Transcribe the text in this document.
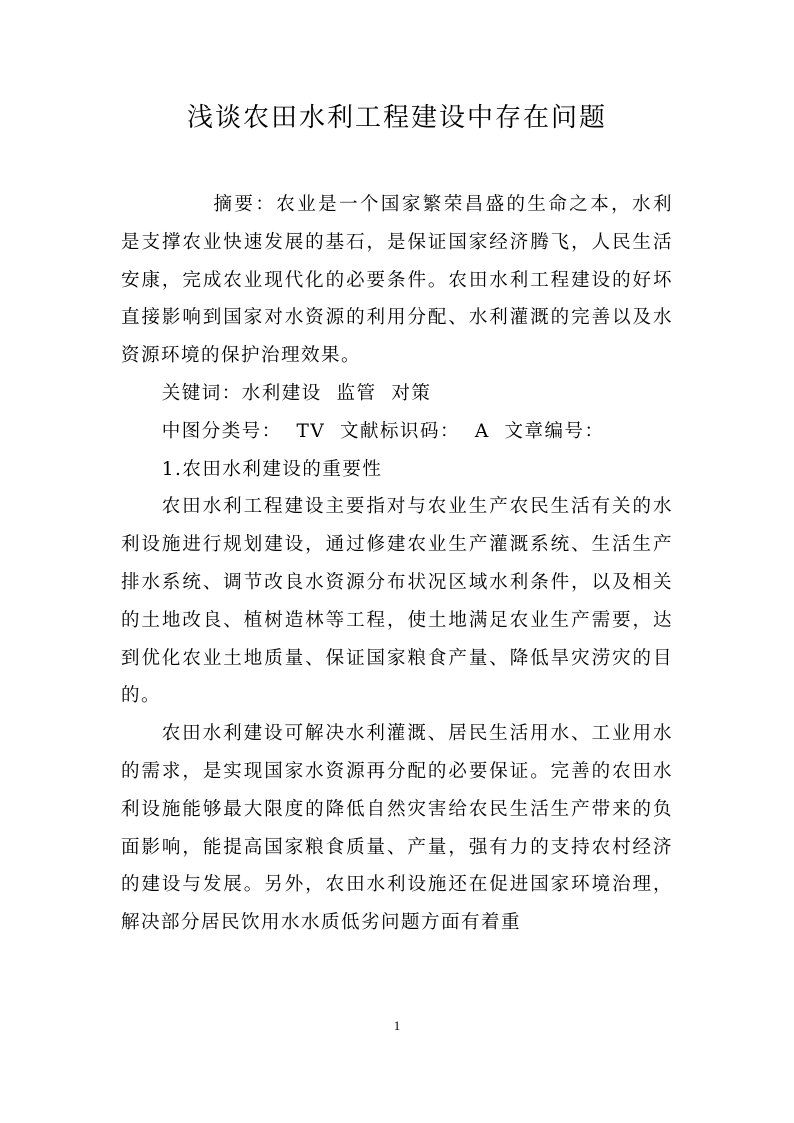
浅谈农田水利工程建设中存在问题

摘要：农业是一个国家繁荣昌盛的生命之本，水利是支撑农业快速发展的基石，是保证国家经济腾飞，人民生活安康，完成农业现代化的必要条件。农田水利工程建设的好坏直接影响到国家对水资源的利用分配、水利灌溉的完善以及水资源环境的保护治理效果。

关键词：水利建设 监管 对策

中图分类号： TV 文献标识码： A 文章编号：

1.农田水利建设的重要性

农田水利工程建设主要指对与农业生产农民生活有关的水利设施进行规划建设，通过修建农业生产灌溉系统、生活生产排水系统、调节改良水资源分布状况区域水利条件，以及相关的土地改良、植树造林等工程，使土地满足农业生产需要，达到优化农业土地质量、保证国家粮食产量、降低旱灾涝灾的目的。

农田水利建设可解决水利灌溉、居民生活用水、工业用水的需求，是实现国家水资源再分配的必要保证。完善的农田水利设施能够最大限度的降低自然灾害给农民生活生产带来的负面影响，能提高国家粮食质量、产量，强有力的支持农村经济的建设与发展。另外，农田水利设施还在促进国家环境治理，解决部分居民饮用水水质低劣问题方面有着重

1
